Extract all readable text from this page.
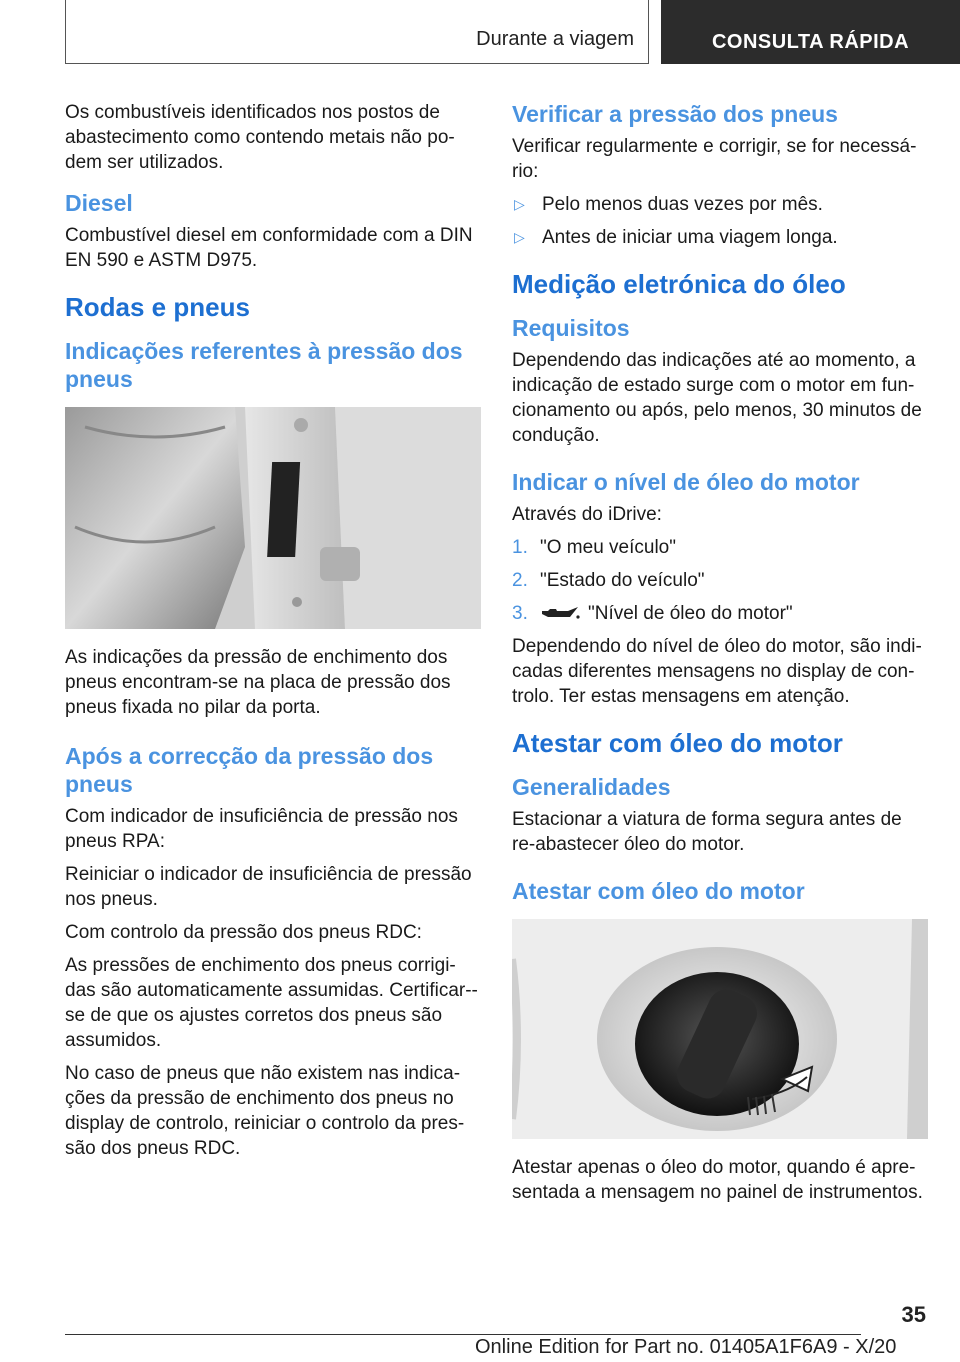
Durante a viagem	CONSULTA RÁPIDA

Os combustíveis identificados nos postos de abastecimento como contendo metais não po-dem ser utilizados.

Diesel

Combustível diesel em conformidade com a DIN EN 590 e ASTM D975.

Rodas e pneus
Indicações referentes à pressão dos pneus

As indicações da pressão de enchimento dos pneus encontram-se na placa de pressão dos pneus fixada no pilar da porta.

Após a correcção da pressão dos pneus

Com indicador de insuficiência de pressão nos pneus RPA:

Reiniciar o indicador de insuficiência de pressão nos pneus.

Com controlo da pressão dos pneus RDC:

As pressões de enchimento dos pneus corrigi-das são automaticamente assumidas. Certificar--se de que os ajustes corretos dos pneus são assumidos.

No caso de pneus que não existem nas indica-ções da pressão de enchimento dos pneus no display de controlo, reiniciar o controlo da pres-são dos pneus RDC.

Verificar a pressão dos pneus

Verificar regularmente e corrigir, se for necessá-rio:

▷ Pelo menos duas vezes por mês.
▷ Antes de iniciar uma viagem longa.
Medição eletrónica do óleo
Requisitos

Dependendo das indicações até ao momento, a indicação de estado surge com o motor em fun-cionamento ou após, pelo menos, 30 minutos de condução.

Indicar o nível de óleo do motor

Através do iDrive:

1. "O meu veículo"
2. "Estado do veículo"
3.	"Nível de óleo do motor"

Dependendo do nível de óleo do motor, são indi-cadas diferentes mensagens no display de con-trolo. Ter estas mensagens em atenção.

Atestar com óleo do motor
Generalidades

Estacionar a viatura de forma segura antes de re-abastecer óleo do motor.

Atestar com óleo do motor

Atestar apenas o óleo do motor, quando é apre-sentada a mensagem no painel de instrumentos.

35
Online Edition for Part no. 01405A1F6A9 - X/20
